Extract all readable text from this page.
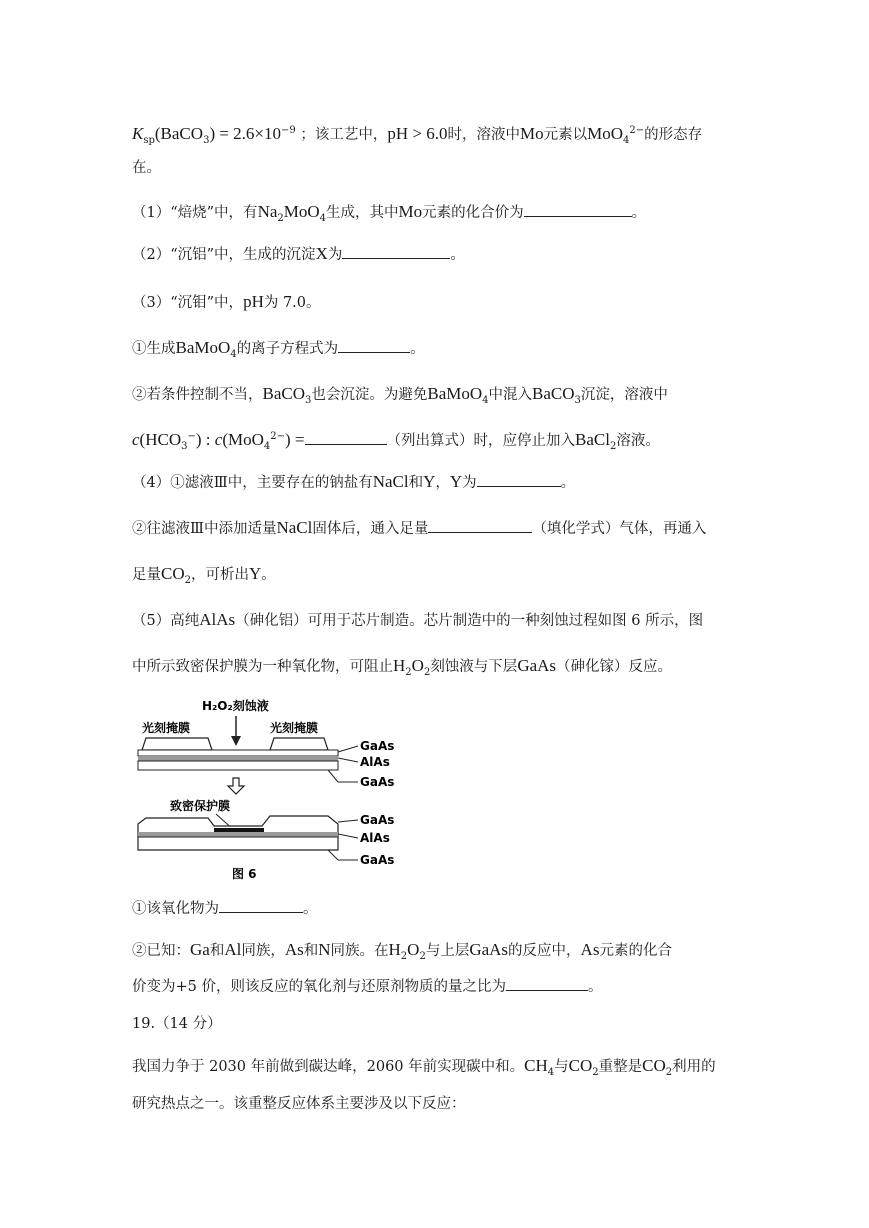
$K_{sp}(BaCO_3) = 2.6\times 10^{-9}$ ；该工艺中，pH > 6.0时，溶液中Mo元素以MoO$_4^{2-}$的形态存
在。
（1）“焙烧”中，有$Na_2MoO_4$生成，其中Mo元素的化合价为	。
（2）“沉铝”中，生成的沉淀X为	。
（3）“沉钼”中，pH为 7.0。
①生成BaMoO$_4$的离子方程式为	。
②若条件控制不当，BaCO$_3$也会沉淀。为避免BaMoO$_4$中混入BaCO$_3$沉淀，溶液中
$c(HCO_3^-)$ : c(MoO$_4^{2-}$) =	（列出算式）时，应停止加入BaCl$_2$溶液。
（4）①滤液Ⅲ中，主要存在的钠盐有NaCl和Y，Y为	。
②往滤液Ⅲ中添加适量NaCl固体后，通入足量	（填化学式）气体，再通入
足量$CO_2$，可析出Y。
（5）高纯AlAs（砷化铝）可用于芯片制造。芯片制造中的一种刻蚀过程如图 6 所示，图
中所示致密保护膜为一种氧化物，可阻止$H_2O_2$刻蚀液与下层GaAs（砷化镓）反应。
H₂O₂刻蚀液
光刻掩膜	光刻掩膜
GaAs
AlAs
GaAs
致密保护膜
GaAs
AlAs
GaAs
图 6
①该氧化物为	。
②已知：Ga和Al同族，As和N同族。在$H_2O_2$与上层GaAs的反应中，As元素的化合
价变为+5 价，则该反应的氧化剂与还原剂物质的量之比为	。
19.（14 分）
我国力争于 2030 年前做到碳达峰，2060 年前实现碳中和。$CH_4$与$CO_2$重整是$CO_2$利用的
研究热点之一。该重整反应体系主要涉及以下反应：
